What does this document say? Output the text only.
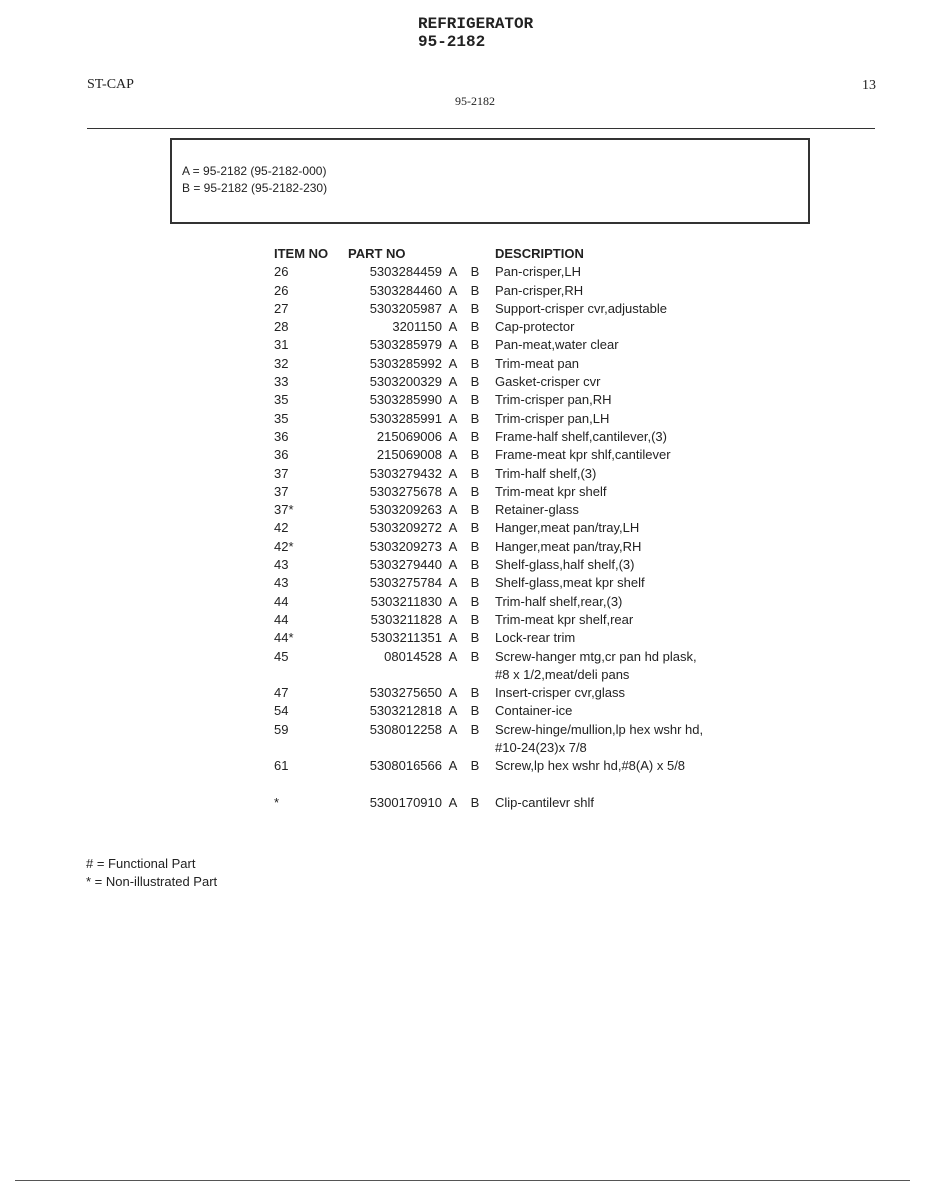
REFRIGERATOR
95-2182
ST-CAP	13
95-2182
A = 95-2182 (95-2182-000)
B = 95-2182 (95-2182-230)
ITEM NO	PART NO			DESCRIPTION
26	5303284459	A	B	Pan-crisper,LH

26	5303284460	A	B	Pan-crisper,RH

27	5303205987	A	B	Support-crisper cvr,adjustable

28	3201150	A	B	Cap-protector

31	5303285979	A	B	Pan-meat,water clear

32	5303285992	A	B	Trim-meat pan

33	5303200329	A	B	Gasket-crisper cvr

35	5303285990	A	B	Trim-crisper pan,RH

35	5303285991	A	B	Trim-crisper pan,LH

36	215069006	A	B	Frame-half shelf,cantilever,(3)

36	215069008	A	B	Frame-meat kpr shlf,cantilever

37	5303279432	A	B	Trim-half shelf,(3)

37	5303275678	A	B	Trim-meat kpr shelf

37*	5303209263	A	B	Retainer-glass

42	5303209272	A	B	Hanger,meat pan/tray,LH

42*	5303209273	A	B	Hanger,meat pan/tray,RH

43	5303279440	A	B	Shelf-glass,half shelf,(3)

43	5303275784	A	B	Shelf-glass,meat kpr shelf

44	5303211830	A	B	Trim-half shelf,rear,(3)

44	5303211828	A	B	Trim-meat kpr shelf,rear

44*	5303211351	A	B	Lock-rear trim

45	08014528	A	B	Screw-hanger mtg,cr pan hd plask,
#8 x 1/2,meat/deli pans

47	5303275650	A	B	Insert-crisper cvr,glass

54	5303212818	A	B	Container-ice

59	5308012258	A	B	Screw-hinge/mullion,lp hex wshr hd,
#10-24(23)x 7/8

61	5308016566	A	B	Screw,lp hex wshr hd,#8(A) x 5/8

*	5300170910	A	B	Clip-cantilevr shlf
# = Functional Part
* = Non-illustrated Part
